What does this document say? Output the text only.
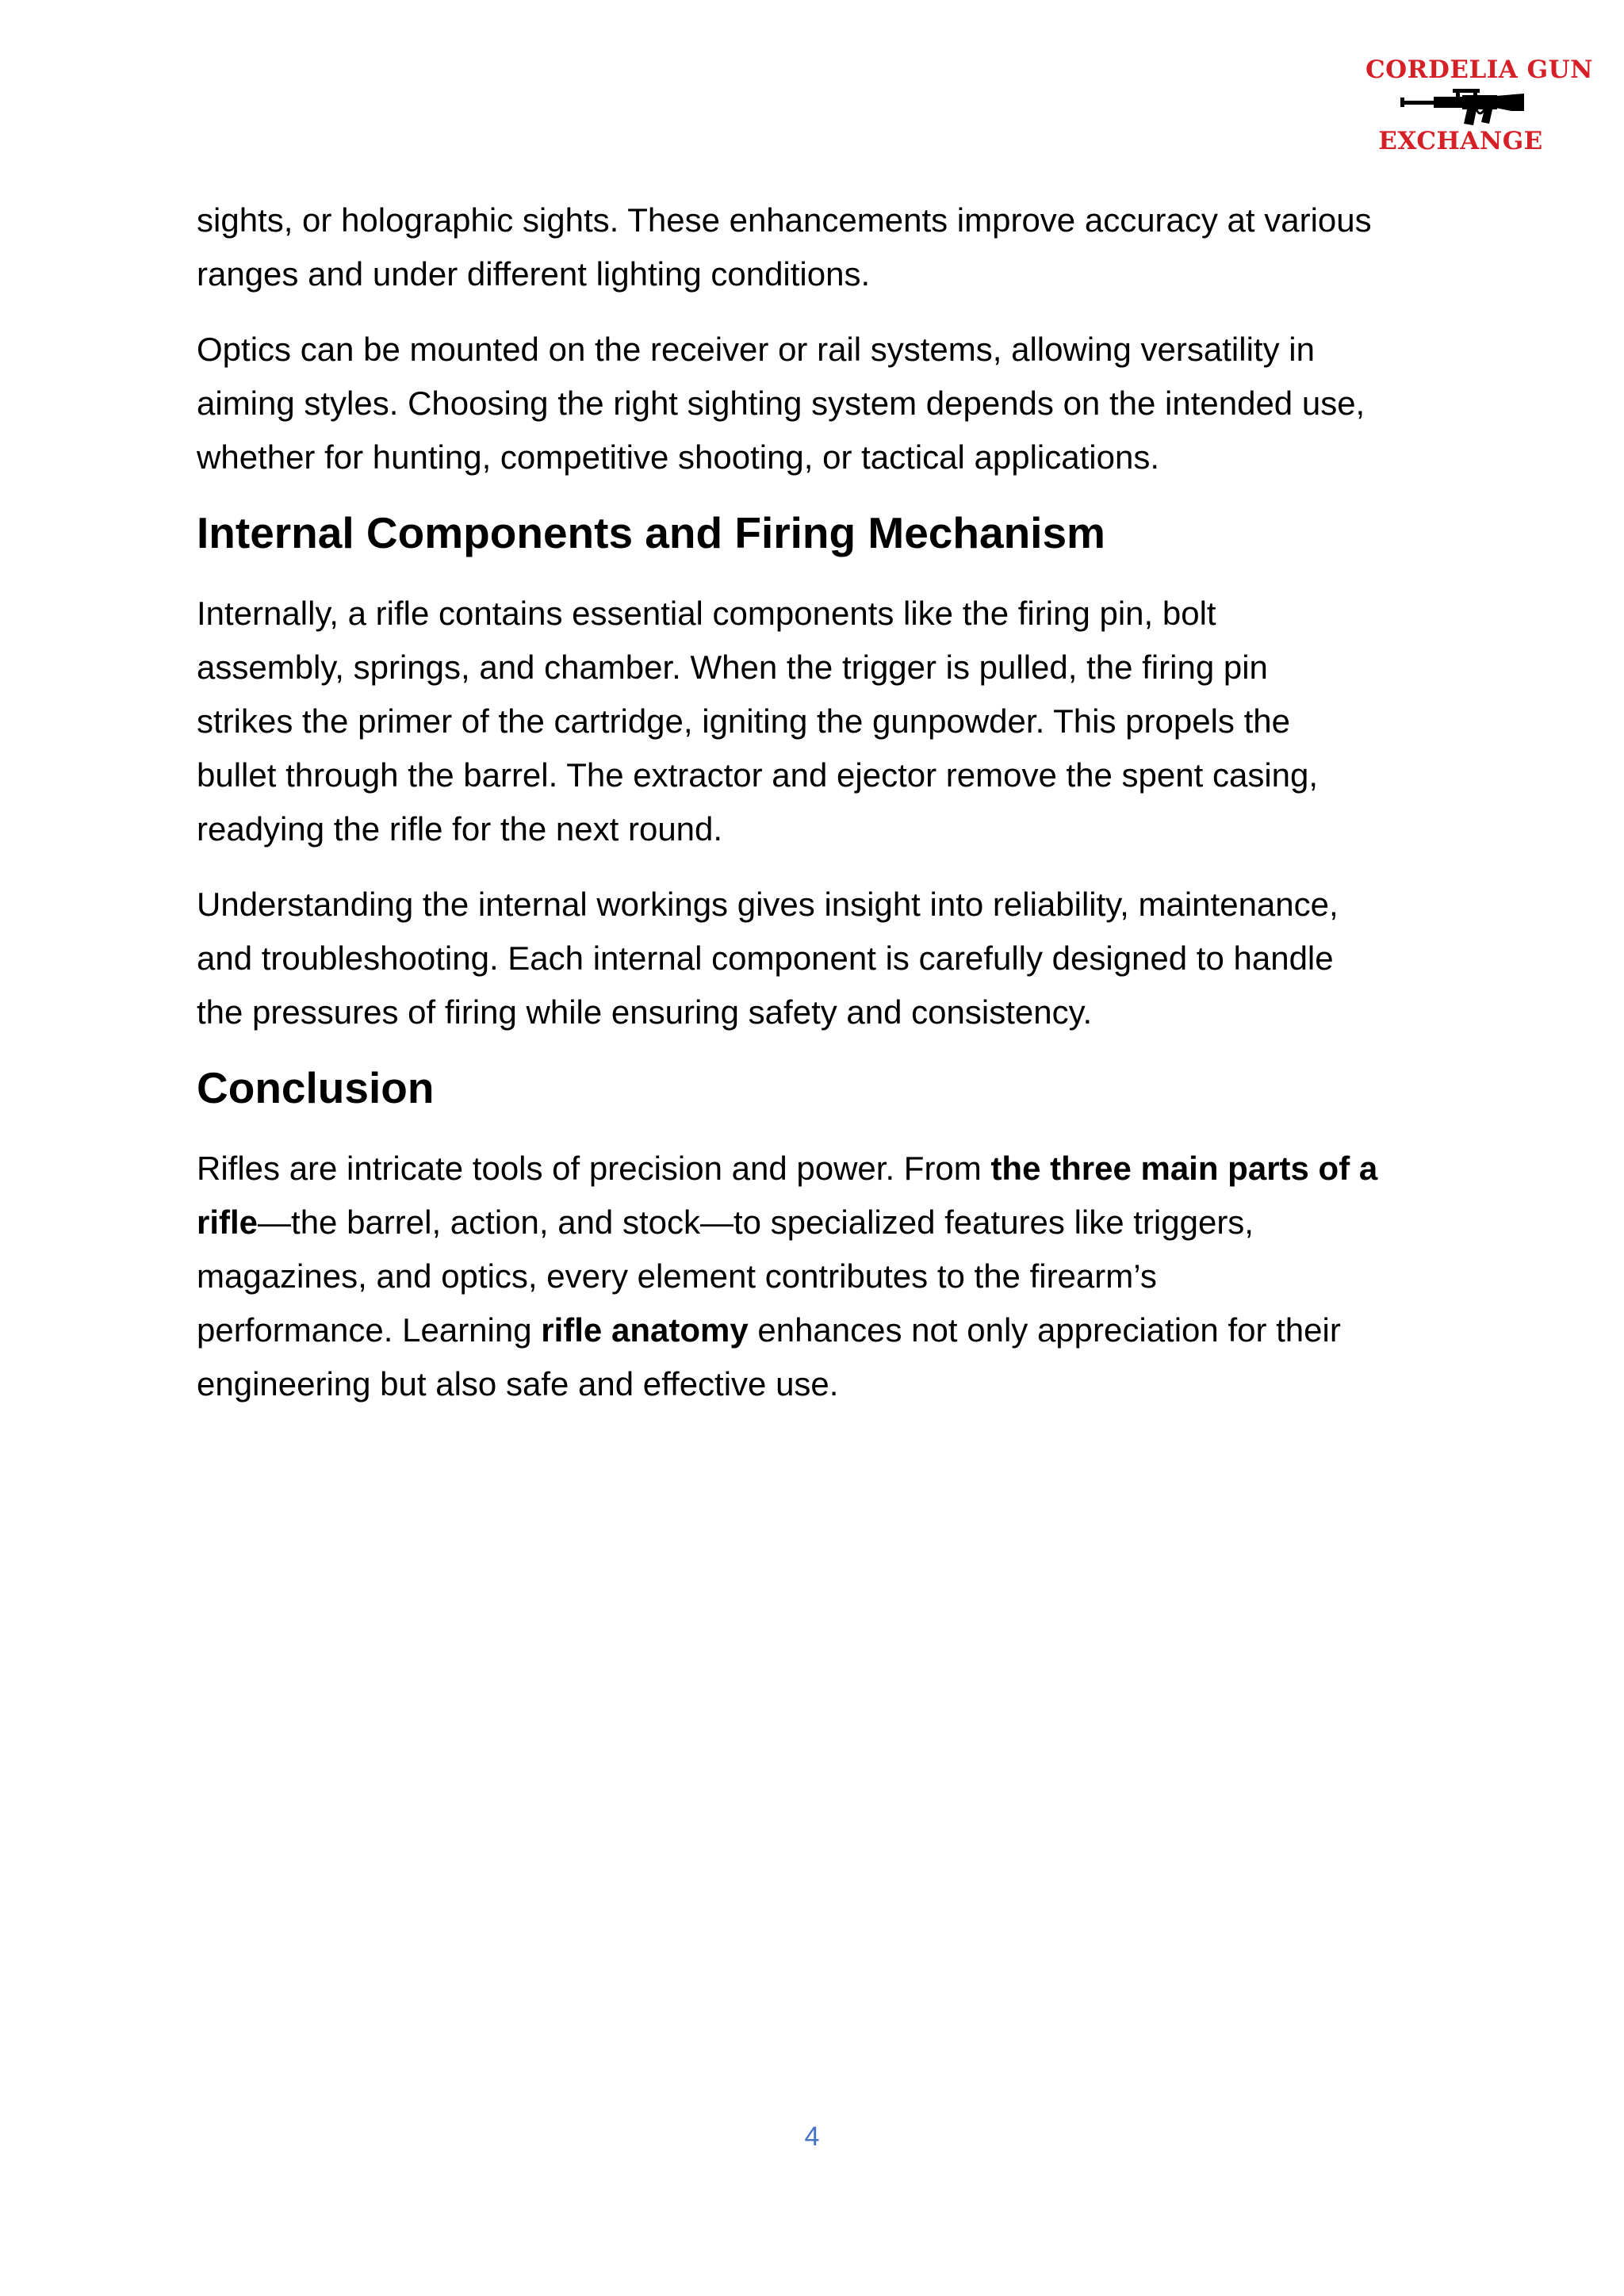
CORDELIA GUN
EXCHANGE

sights, or holographic sights. These enhancements improve accuracy at various
ranges and under different lighting conditions.

Optics can be mounted on the receiver or rail systems, allowing versatility in
aiming styles. Choosing the right sighting system depends on the intended use,
whether for hunting, competitive shooting, or tactical applications.

Internal Components and Firing Mechanism

Internally, a rifle contains essential components like the firing pin, bolt
assembly, springs, and chamber. When the trigger is pulled, the firing pin
strikes the primer of the cartridge, igniting the gunpowder. This propels the
bullet through the barrel. The extractor and ejector remove the spent casing,
readying the rifle for the next round.

Understanding the internal workings gives insight into reliability, maintenance,
and troubleshooting. Each internal component is carefully designed to handle
the pressures of firing while ensuring safety and consistency.

Conclusion

Rifles are intricate tools of precision and power. From the three main parts of a
rifle—the barrel, action, and stock—to specialized features like triggers,
magazines, and optics, every element contributes to the firearm’s
performance. Learning rifle anatomy enhances not only appreciation for their
engineering but also safe and effective use.

4
